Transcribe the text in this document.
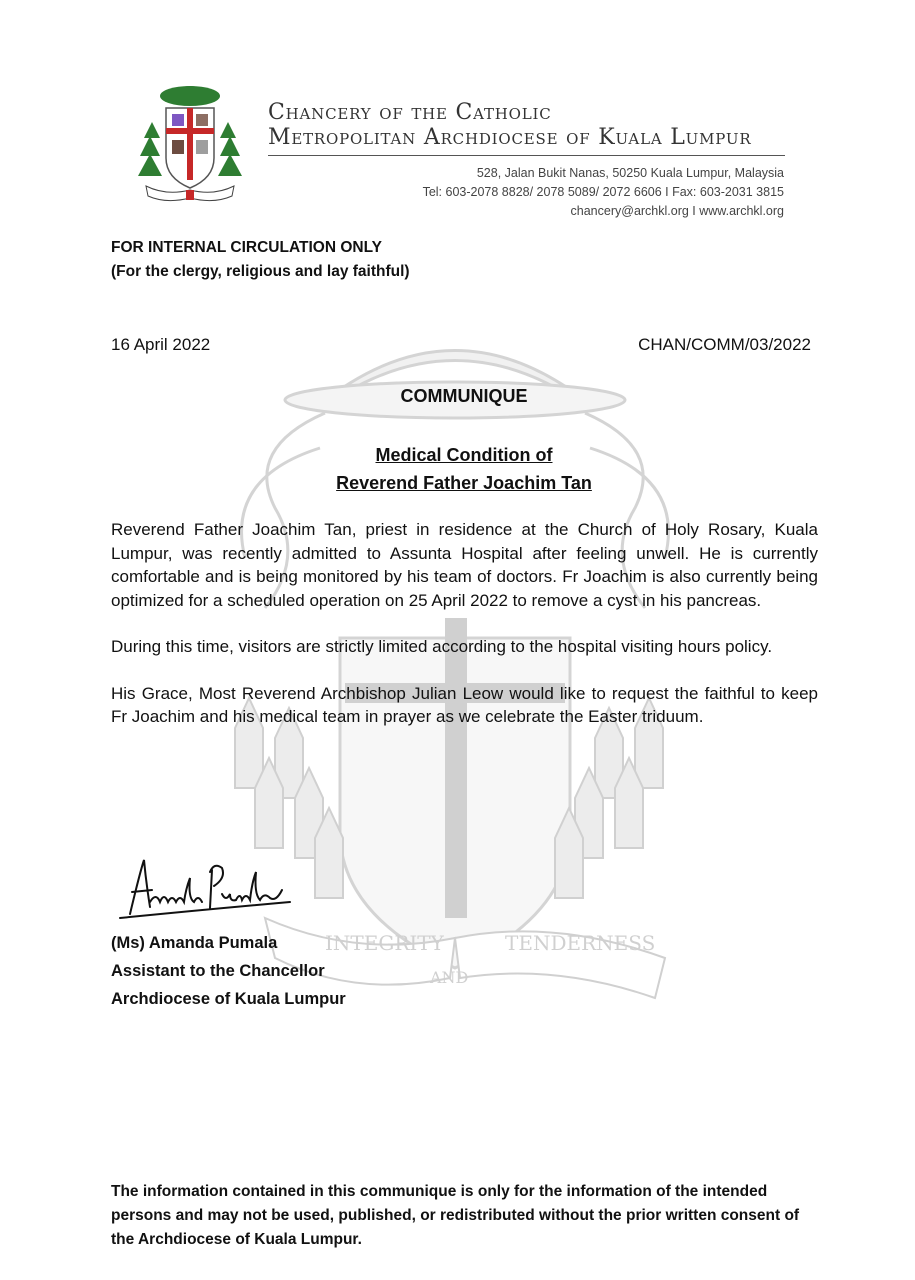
INTEGRITY
AND
TENDERNESS
Chancery of the Catholic
Metropolitan Archdiocese of Kuala Lumpur
528, Jalan Bukit Nanas, 50250 Kuala Lumpur, Malaysia
Tel: 603-2078 8828/ 2078 5089/ 2072 6606 I Fax: 603-2031 3815
chancery@archkl.org I www.archkl.org
FOR INTERNAL CIRCULATION ONLY
(For the clergy, religious and lay faithful)
16 April 2022	CHAN/COMM/03/2022
COMMUNIQUE
Medical Condition of
Reverend Father Joachim Tan

Reverend Father Joachim Tan, priest in residence at the Church of Holy Rosary, Kuala Lumpur, was recently admitted to Assunta Hospital after feeling unwell. He is currently comfortable and is being monitored by his team of doctors. Fr Joachim is also currently being optimized for a scheduled operation on 25 April 2022 to remove a cyst in his pancreas.

During this time, visitors are strictly limited according to the hospital visiting hours policy.

His Grace, Most Reverend Archbishop Julian Leow would like to request the faithful to keep Fr Joachim and his medical team in prayer as we celebrate the Easter triduum.

(Ms) Amanda Pumala
Assistant to the Chancellor
Archdiocese of Kuala Lumpur
The information contained in this communique is only for the information of the intended persons and may not be used, published, or redistributed without the prior written consent of the Archdiocese of Kuala Lumpur.
